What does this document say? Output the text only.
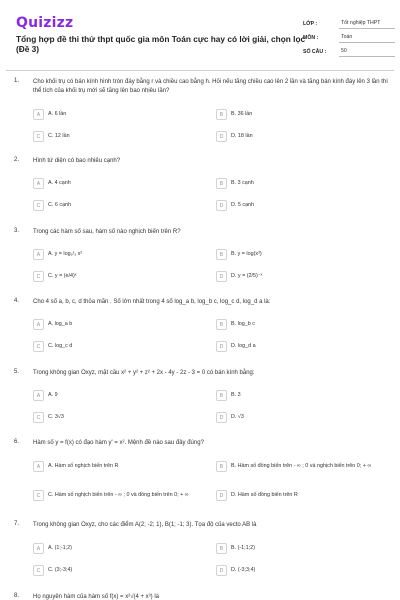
Quizizz
Tổng hợp đề thi thử thpt quốc gia môn Toán cực hay có lời giải, chọn lọc (Đề 3)
LỚP :	Tốt nghiệp THPT
MÔN :	Toán
SỐ CÂU :	50
1. Cho khối trụ có bán kính hình tròn đáy bằng r và chiều cao bằng h. Hỏi nếu tăng chiều cao lên 2 lần và tăng bán kính đáy lên 3 lần thì thể tích của khối trụ mới sẽ tăng lên bao nhiêu lần?
A	A. 6 lần	B	B. 36 lần
C	C. 12 lần	D	D. 18 lần
2. Hình tứ diện có bao nhiêu cạnh?
A	A. 4 cạnh	B	B. 3 cạnh
C	C. 6 cạnh	D	D. 5 cạnh
3. Trong các hàm số sau, hàm số nào nghịch biến trên R?
A	A. y = log₁/₃ x²	B	B. y = log(x³)
C	C. y = (e/4)ˣ	D	D. y = (2/5)⁻ˣ
4. Cho 4 số a, b, c, d thỏa mãn . Số lớn nhất trong 4 số log_a b, log_b c, log_c d, log_d a là:
A	A. log_a b	B	B. log_b c
C	C. log_c d	D	D. log_d a
5. Trong không gian Oxyz, mặt cầu x² + y² + z² + 2x - 4y - 2z - 3 = 0 có bán kính bằng:
A	A. 9	B	B. 3
C	C. 3√3	D	D. √3
6. Hàm số y = f(x) có đạo hàm y' = x². Mệnh đề nào sau đây đúng?
A	A. Hàm số nghịch biến trên R	B	B. Hàm số đồng biến trên - ∞ ; 0 và nghịch biến trên 0; + ∞
C	C. Hàm số nghịch biến trên - ∞ ; 0 và đồng biến trên 0; + ∞	D	D. Hàm số đồng biến trên R
7. Trong không gian Oxyz, cho các điểm A(2; -2; 1), B(1; -1; 3). Tọa độ của vecto AB là
A	A. (1;-1;2)	B	B. (-1;1;2)
C	C. (3;-3;4)	D	D. (-3;3;4)
8. Họ nguyên hàm của hàm số f(x) = x²√(4 + x³) là
